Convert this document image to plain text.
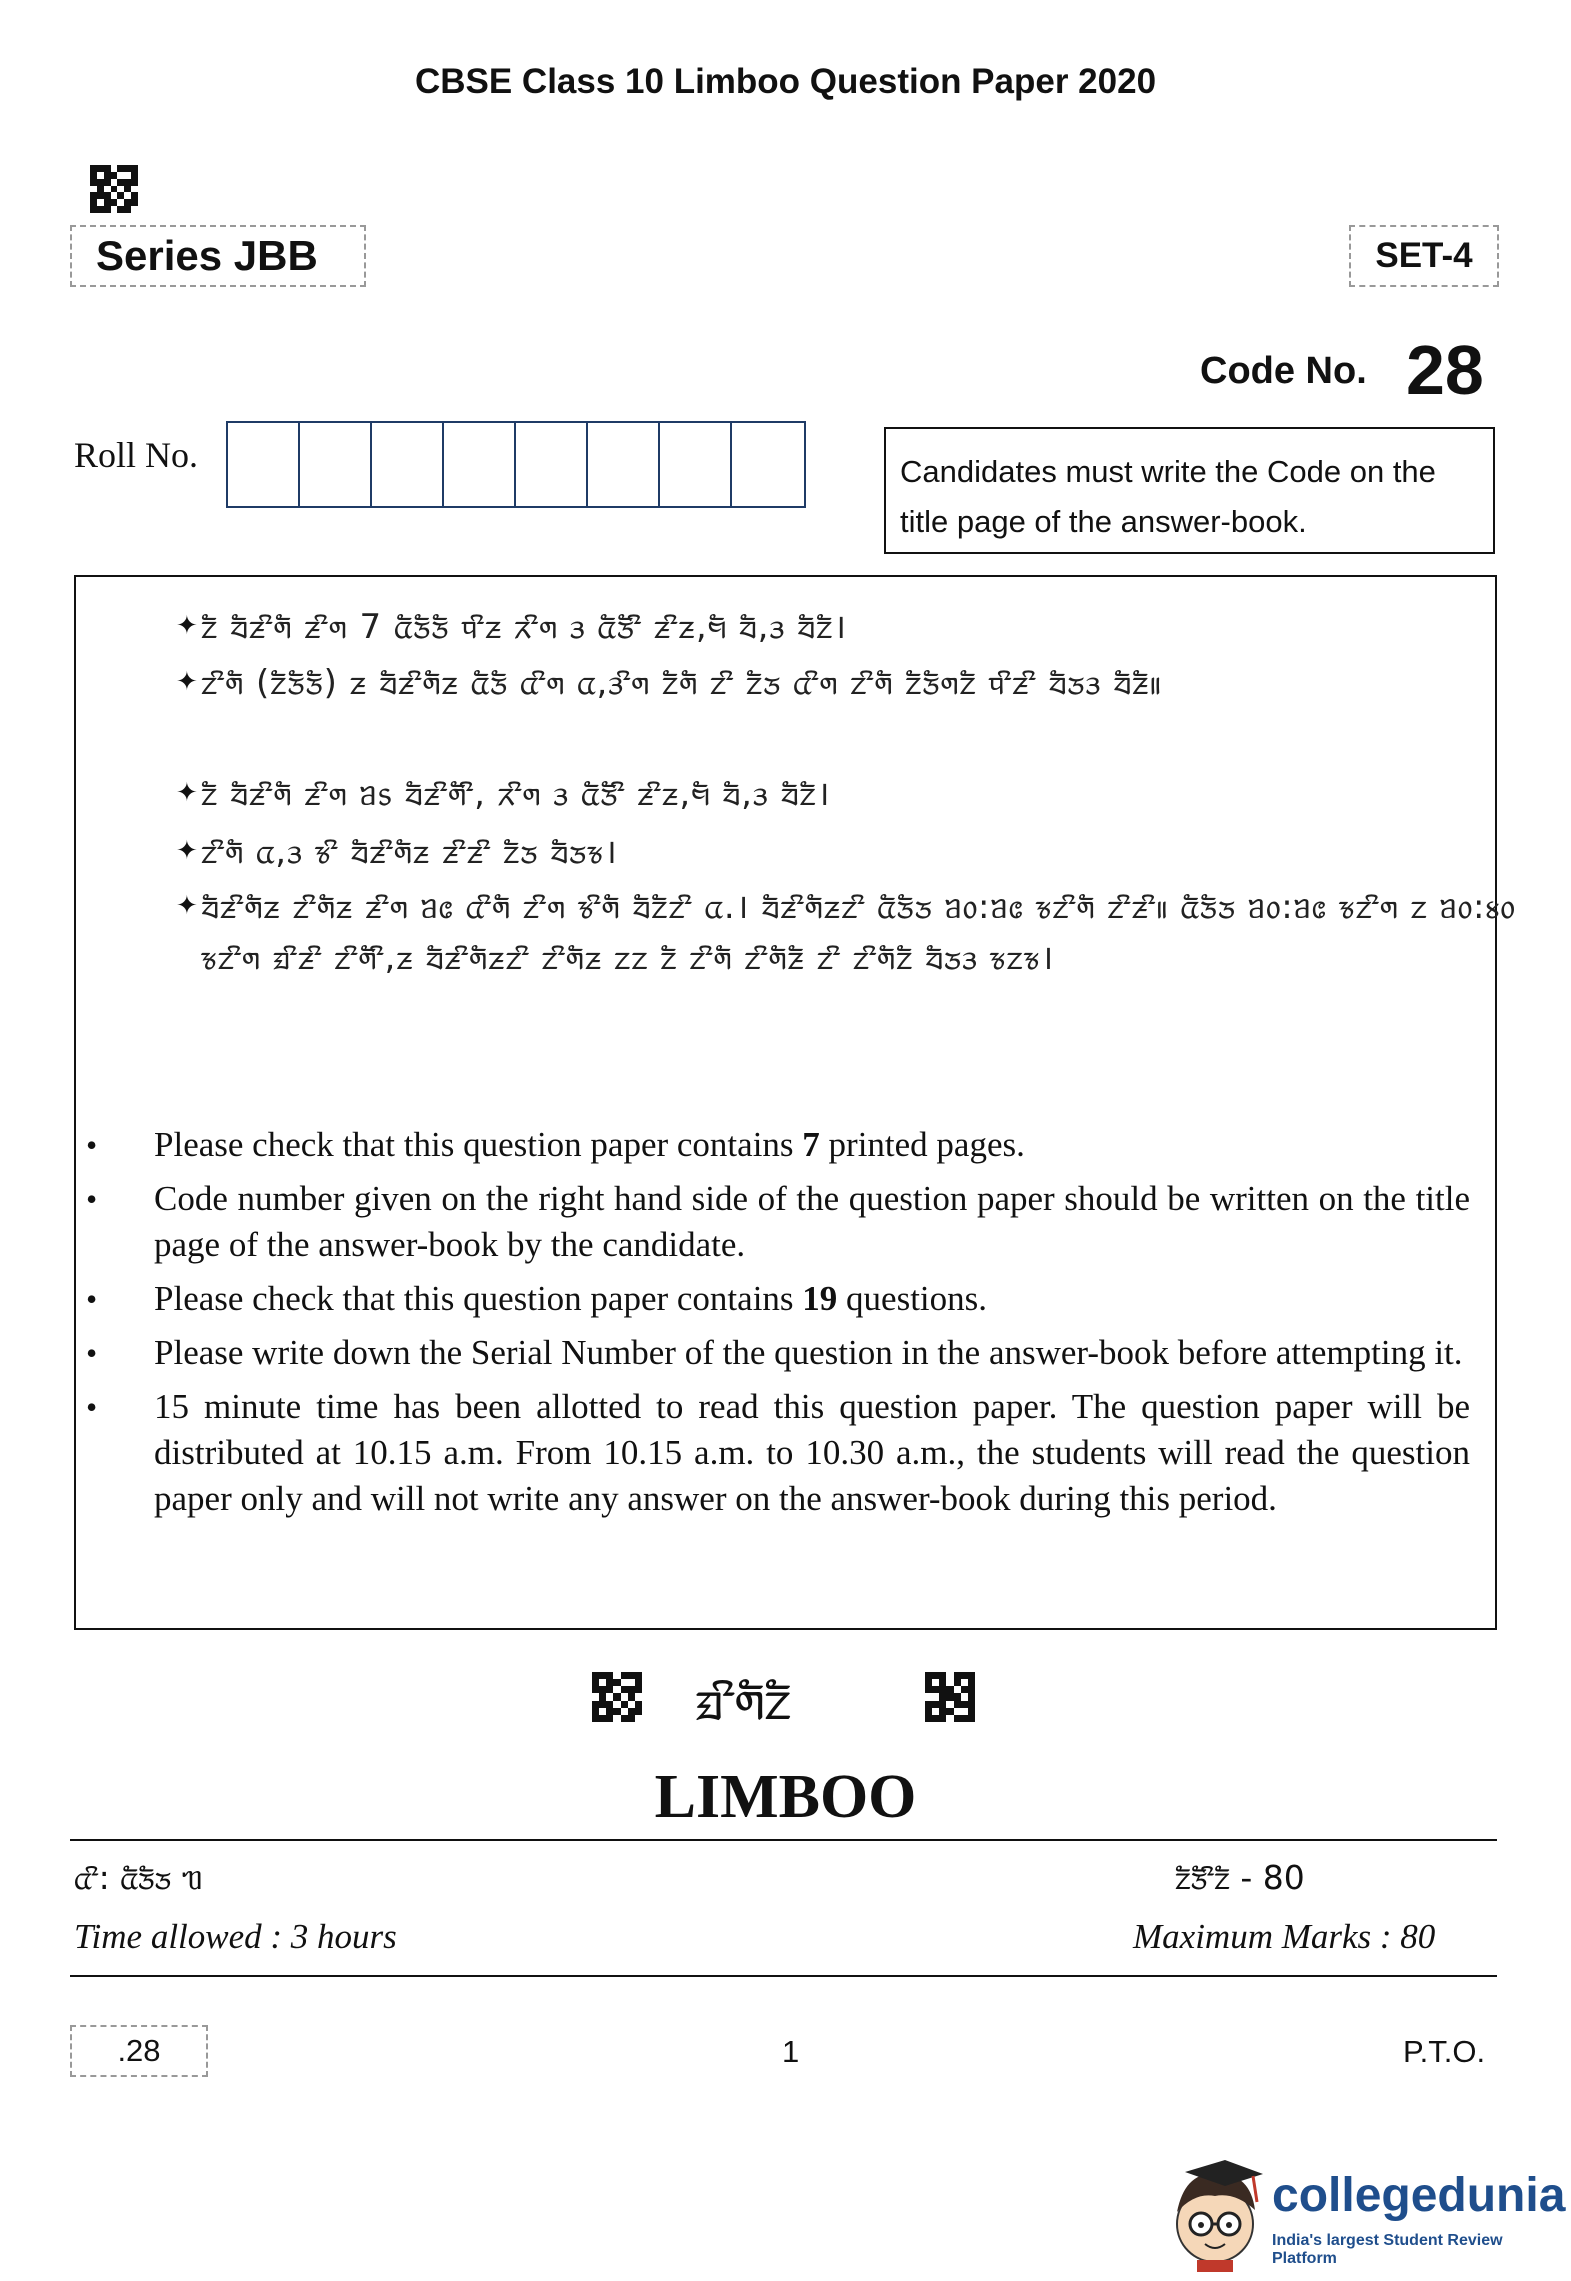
CBSE Class 10 Limboo Question Paper 2020
Series JBB	SET-4
Code No. 28
Roll No.	Candidates must write the Code on the title page of the answer-book.
✦ ᤁᤠ ᤔᤠᤏᤡᤛᤠ ᤏᤡᤛ 7 ᤂᤠᤍᤠᤍᤠ ᤄᤡᤏ ᤖᤡᤛ ᤋ ᤂᤠᤍᤠᤡ ᤏᤡᤏ,ᤗᤠ ᤔᤠ,ᤋ ᤔᤠᤁᤠ।
✦ ᤁᤡᤛᤠ (ᤁᤠᤍᤠᤍᤠ) ᤏ ᤔᤠᤏᤡᤛᤠᤏ ᤂᤠᤍᤠ ᤂᤡᤛ ᤂ,ᤋᤡᤛ ᤁᤠᤛᤠ ᤁᤡ ᤁᤠᤍ ᤂᤡᤛ ᤁᤡᤛᤠ ᤁᤠᤍᤠᤛᤁᤠ ᤄᤡᤏᤡ ᤔᤠᤍᤋ ᤔᤠᤏᤠ॥
✦ ᤁᤠ ᤔᤠᤏᤡᤛᤠ ᤏᤡᤛ ᥑ᥉ ᤔᤠᤏᤡᤛᤠᤡ, ᤖᤡᤛ ᤋ ᤂᤠᤍᤠᤡ ᤏᤡᤏ,ᤗᤠ ᤔᤠ,ᤋ ᤔᤠᤁᤠ।
✦ ᤁᤡᤛᤠ ᤂ,ᤋ ᤃᤡ ᤔᤠᤏᤡᤛᤠᤏ ᤏᤡᤏᤡ ᤁᤠᤍ ᤔᤠᤍᤃ।
✦ ᤔᤠᤏᤡᤛᤠᤏ ᤁᤡᤛᤠᤏ ᤏᤡᤛ ᥑ᥋ ᤂᤡᤛᤠ ᤁᤡᤛ ᤃᤡᤛᤠ ᤔᤠᤁᤠᤁᤡ ᤂ.। ᤔᤠᤏᤡᤛᤠᤏᤁᤡ ᤂᤠᤍᤠᤍ ᥑ᥆:ᥑ᥋ ᤃᤁᤡᤛᤠ ᤁᤡᤏᤡ॥ ᤂᤠᤍᤠᤍ ᥑ᥆:ᥑ᥋ ᤃᤁᤡᤛ ᤁ ᥑ᥆:᥍᥆ ᤃᤁᤡᤛ ᤀᤡᤏᤡ ᤁᤡᤛᤠᤡ,ᤏ ᤔᤠᤏᤡᤛᤠᤏᤁᤡ ᤁᤡᤛᤠᤏ ᤁᤁ ᤁᤠ ᤁᤡᤛᤠ ᤁᤡᤛᤠᤏᤠ ᤁᤡ ᤁᤡᤛᤠᤁᤠ ᤔᤠᤍᤋ ᤃᤁᤃ।
• Please check that this question paper contains 7 printed pages.
• Code number given on the right hand side of the question paper should be written on the title page of the answer-book by the candidate.
• Please check that this question paper contains 19 questions.
• Please write down the Serial Number of the question in the answer-book before attempting it.
• 15 minute time has been allotted to read this question paper. The question paper will be distributed at 10.15 a.m. From 10.15 a.m. to 10.30 a.m., the students will read the question paper only and will not write any answer on the answer-book during this period.
ᤀᤡᤛᤠᤁᤠ
LIMBOO
ᤂᤡ: ᤂᤠᤍᤠᤍ ᥓ	ᤁᤠᤍᤠᤡᤁᤠ - 80
Time allowed : 3 hours	Maximum Marks : 80
.28	1	P.T.O.
collegedunia
India's largest Student Review Platform
